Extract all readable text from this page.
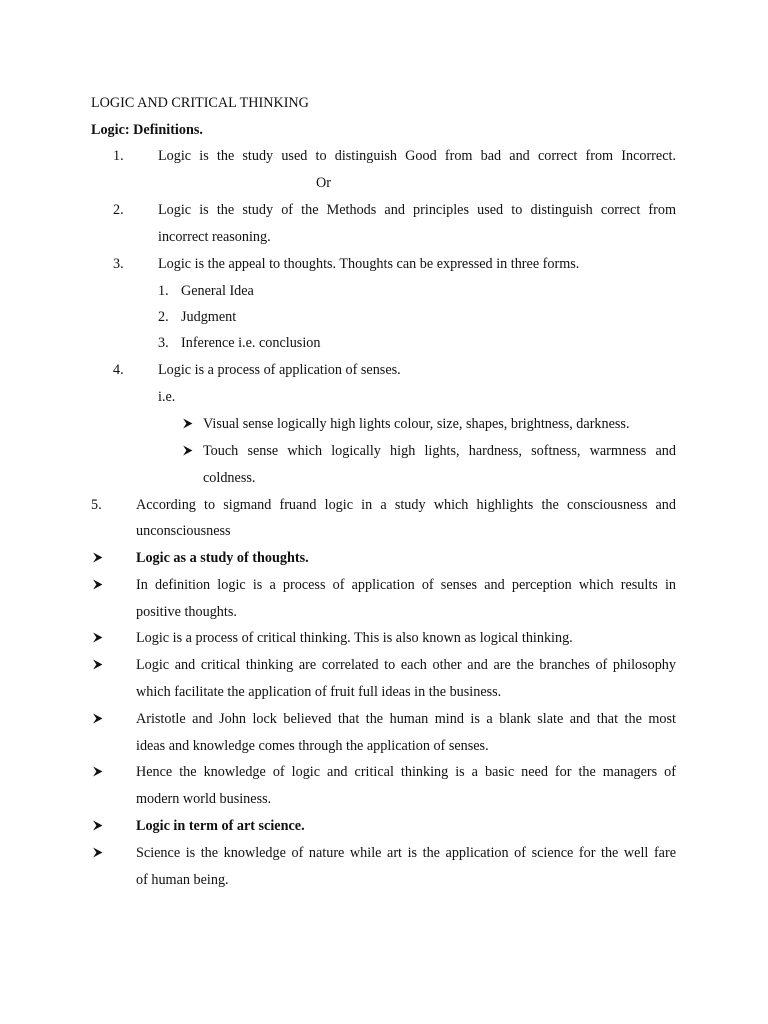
LOGIC AND CRITICAL THINKING
Logic: Definitions.
1. Logic is the study used to distinguish Good from bad and correct from Incorrect.
Or
2. Logic is the study of the Methods and principles used to distinguish correct from
incorrect reasoning.
3. Logic is the appeal to thoughts. Thoughts can be expressed in three forms.
1. General Idea
2. Judgment
3. Inference i.e. conclusion
4. Logic is a process of application of senses.
i.e.
Visual sense logically high lights colour, size, shapes, brightness, darkness.
Touch sense which logically high lights, hardness, softness, warmness and
coldness.
5. According to sigmand fruand logic in a study which highlights the consciousness and
unconsciousness
Logic as a study of thoughts.
In definition logic is a process of application of senses and perception which results in
positive thoughts.
Logic is a process of critical thinking. This is also known as logical thinking.
Logic and critical thinking are correlated to each other and are the branches of philosophy
which facilitate the application of fruit full ideas in the business.
Aristotle and John lock believed that the human mind is a blank slate and that the most
ideas and knowledge comes through the application of senses.
Hence the knowledge of logic and critical thinking is a basic need for the managers of
modern world business.
Logic in term of art science.
Science is the knowledge of nature while art is the application of science for the well fare
of human being.
